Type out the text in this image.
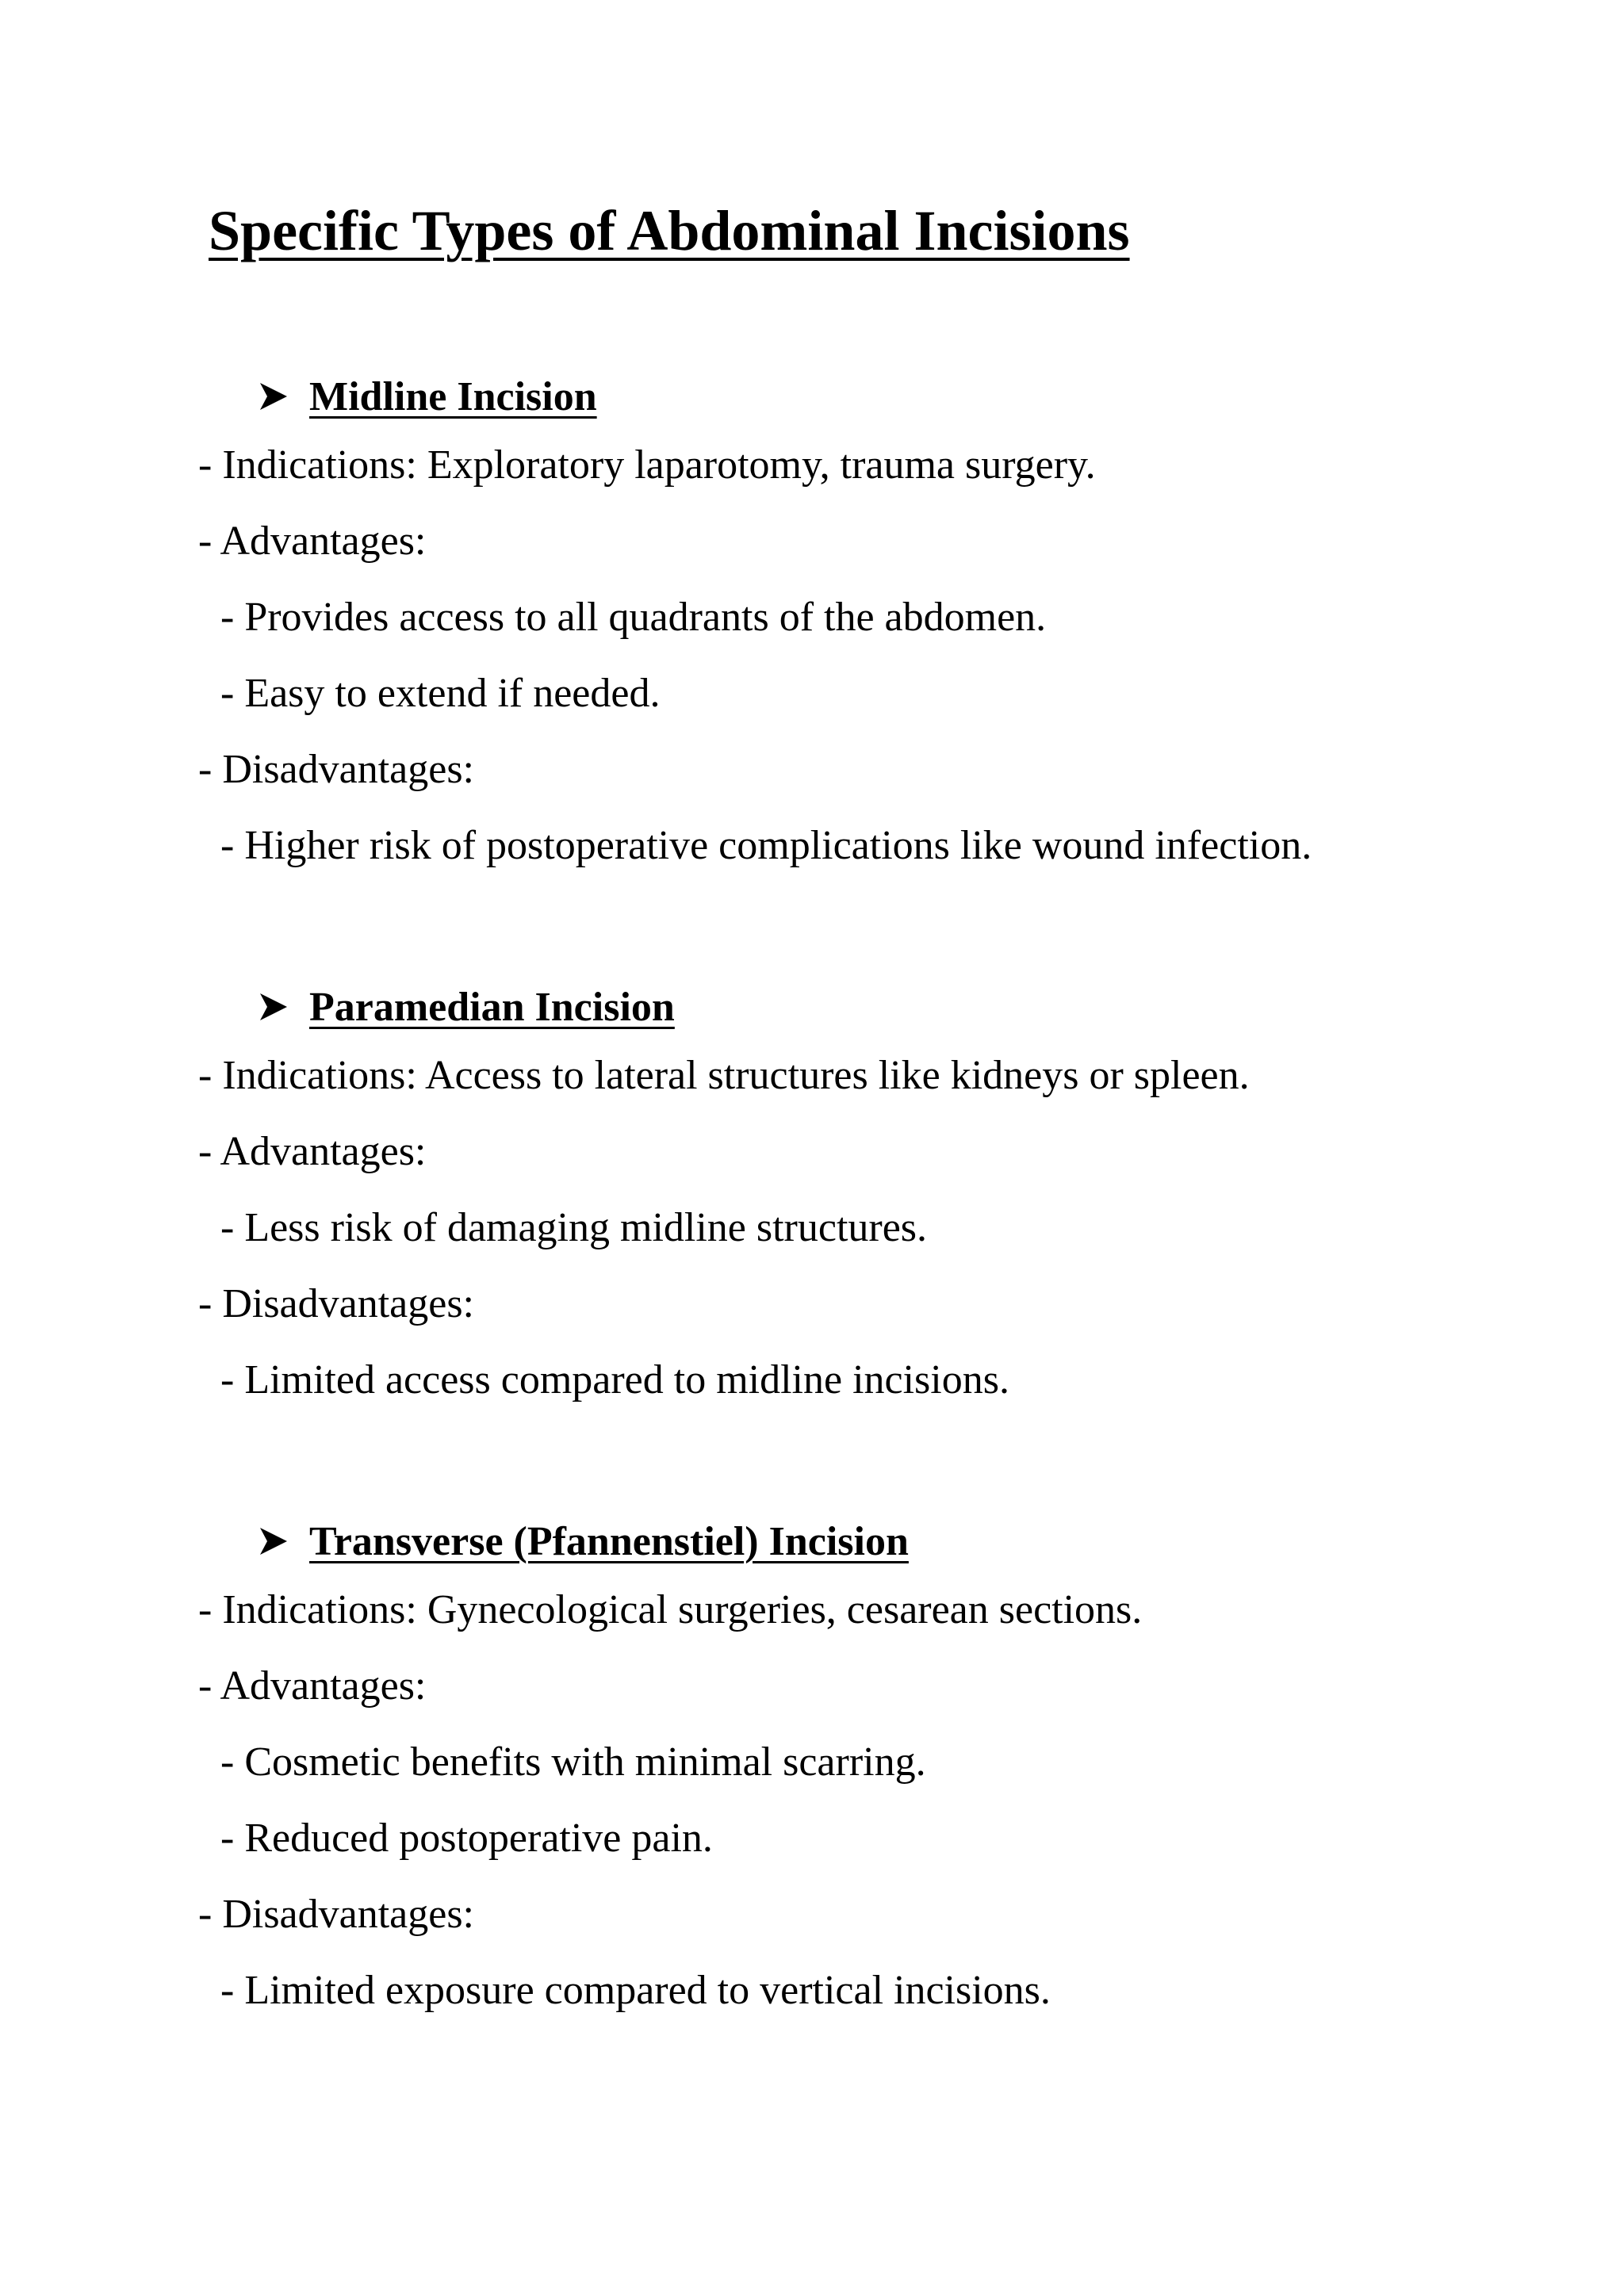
Specific Types of Abdominal Incisions
Midline Incision
- Indications: Exploratory laparotomy, trauma surgery.
- Advantages:
- Provides access to all quadrants of the abdomen.
- Easy to extend if needed.
- Disadvantages:
- Higher risk of postoperative complications like wound infection.
Paramedian Incision
- Indications: Access to lateral structures like kidneys or spleen.
- Advantages:
- Less risk of damaging midline structures.
- Disadvantages:
- Limited access compared to midline incisions.
Transverse (Pfannenstiel) Incision
- Indications: Gynecological surgeries, cesarean sections.
- Advantages:
- Cosmetic benefits with minimal scarring.
- Reduced postoperative pain.
- Disadvantages:
- Limited exposure compared to vertical incisions.
